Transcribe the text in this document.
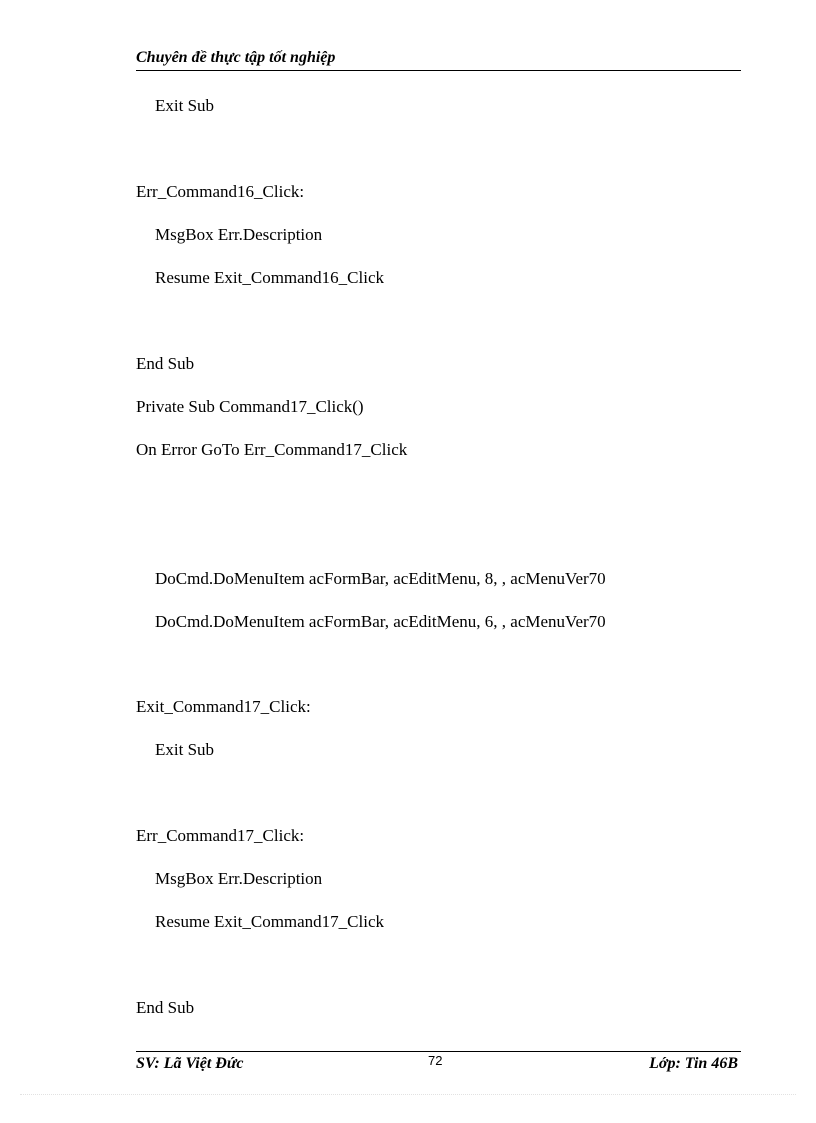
Chuyên đề thực tập tốt nghiệp
Exit Sub
Err_Command16_Click:
MsgBox Err.Description
Resume Exit_Command16_Click
End Sub
Private Sub Command17_Click()
On Error GoTo Err_Command17_Click
DoCmd.DoMenuItem acFormBar, acEditMenu, 8, , acMenuVer70
DoCmd.DoMenuItem acFormBar, acEditMenu, 6, , acMenuVer70
Exit_Command17_Click:
Exit Sub
Err_Command17_Click:
MsgBox Err.Description
Resume Exit_Command17_Click
End Sub
SV: Lã Việt Đức	72	Lớp: Tin 46B
